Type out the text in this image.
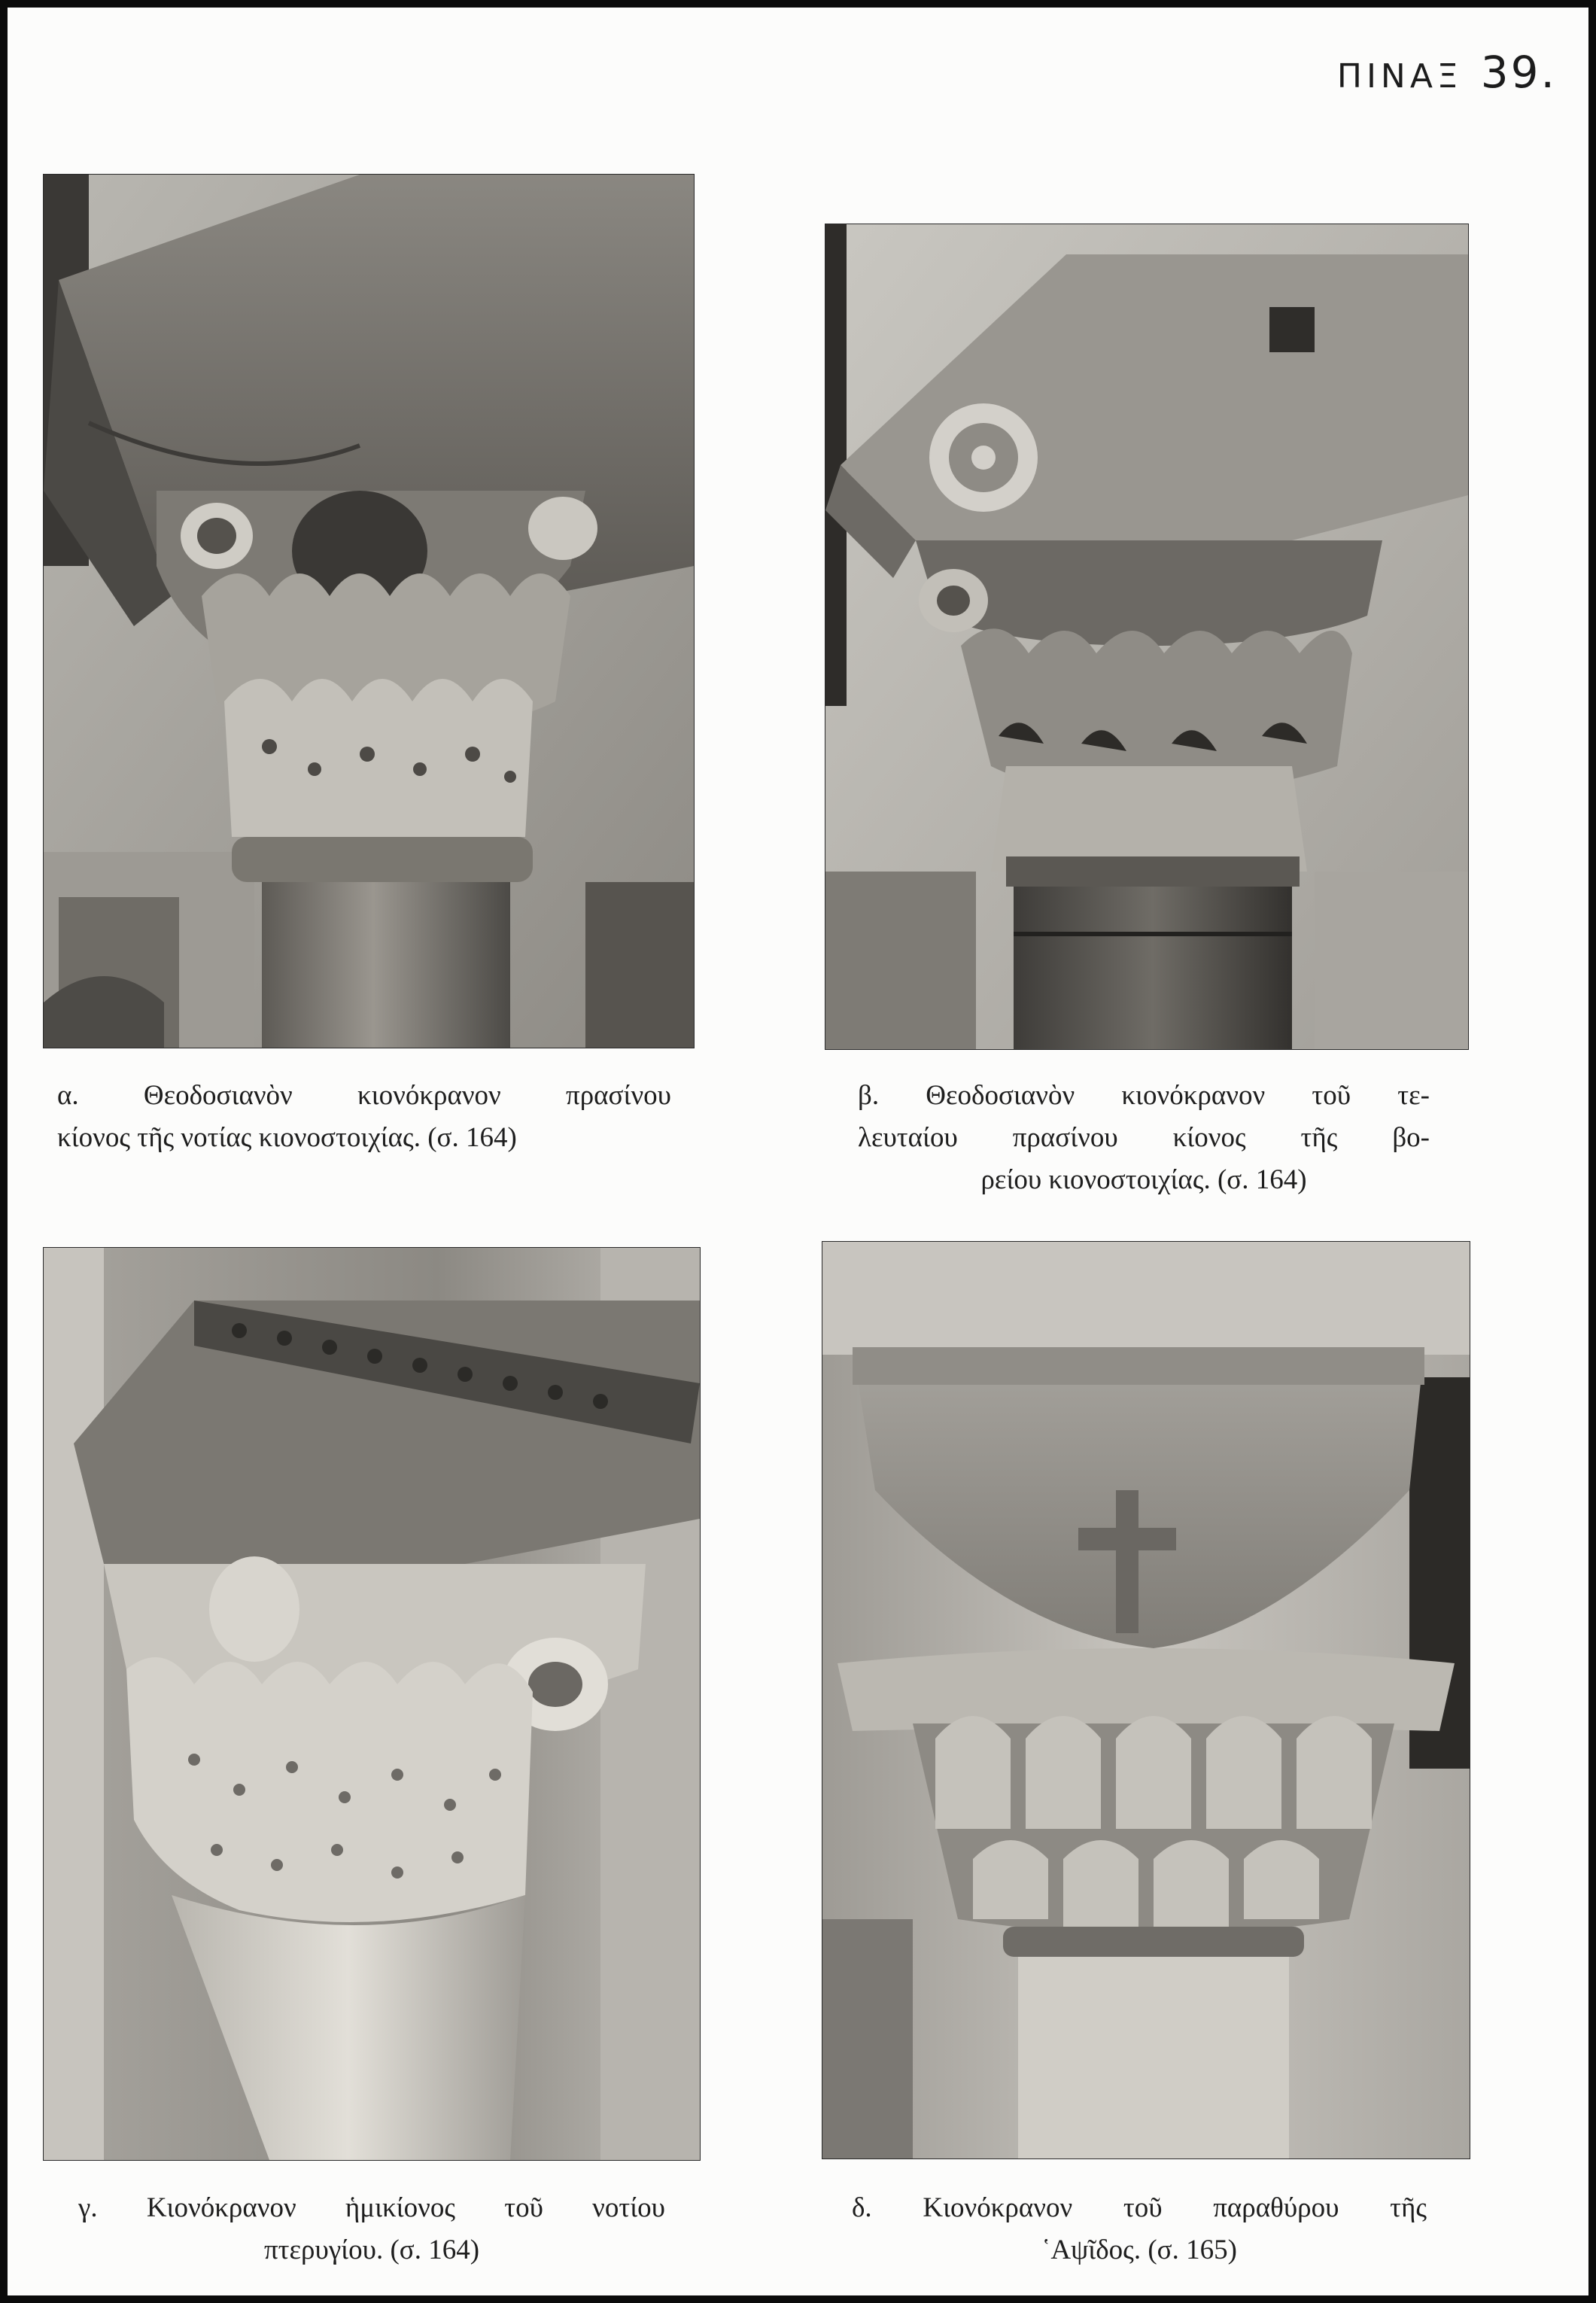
ΠΙΝΑΞ 39.
α. Θεοδοσιανὸν κιονόκρανον πρασίνου
κίονος τῆς νοτίας κιονοστοιχίας. (σ. 164)
β. Θεοδοσιανὸν κιονόκρανον τοῦ τε-
λευταίου πρασίνου κίονος τῆς βο-
ρείου κιονοστοιχίας. (σ. 164)
γ. Κιονόκρανον ἡμικίονος τοῦ νοτίου
πτερυγίου. (σ. 164)
δ. Κιονόκρανον τοῦ παραθύρου τῆς
῾Αψῖδος. (σ. 165)
